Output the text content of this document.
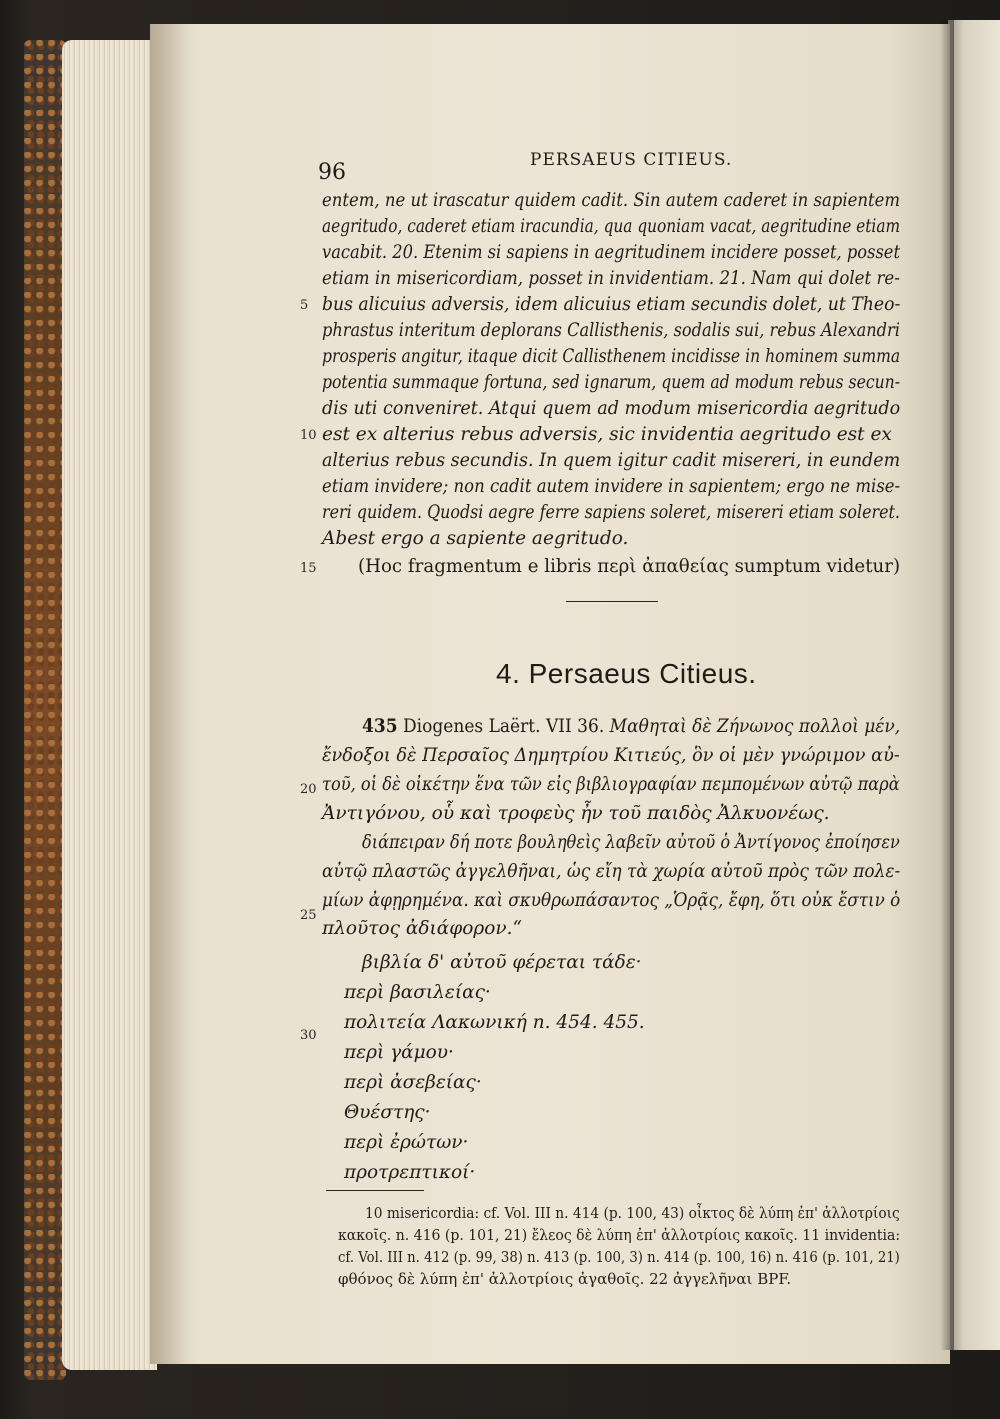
96	PERSAEUS CITIEUS.
entem, ne ut irascatur quidem cadit. Sin autem caderet in sapientem
aegritudo, caderet etiam iracundia, qua quoniam vacat, aegritudine etiam
vacabit. 20. Etenim si sapiens in aegritudinem incidere posset, posset
etiam in misericordiam, posset in invidentiam. 21. Nam qui dolet re-
bus alicuius adversis, idem alicuius etiam secundis dolet, ut Theo-
phrastus interitum deplorans Callisthenis, sodalis sui, rebus Alexandri
prosperis angitur, itaque dicit Callisthenem incidisse in hominem summa
potentia summaque fortuna, sed ignarum, quem ad modum rebus secun-
dis uti conveniret. Atqui quem ad modum misericordia aegritudo
est ex alterius rebus adversis, sic invidentia aegritudo est ex
alterius rebus secundis. In quem igitur cadit misereri, in eundem
etiam invidere; non cadit autem invidere in sapientem; ergo ne mise-
reri quidem. Quodsi aegre ferre sapiens soleret, misereri etiam soleret.
Abest ergo a sapiente aegritudo.
(Hoc fragmentum e libris περὶ ἀπαθείας sumptum videtur)
5
10
15
20
25
30
4. Persaeus Citieus.
435 Diogenes Laërt. VII 36. Μαθηταὶ δὲ Ζήνωνος πολλοὶ μέν,
ἔνδοξοι δὲ Περσαῖος Δημητρίου Κιτιεύς, ὃν οἱ μὲν γνώριμον αὐ-
τοῦ, οἱ δὲ οἰκέτην ἕνα τῶν εἰς βιβλιογραφίαν πεμπομένων αὐτῷ παρὰ
Ἀντιγόνου, οὗ καὶ τροφεὺς ἦν τοῦ παιδὸς Ἀλκυονέως.
διάπειραν δή ποτε βουληθεὶς λαβεῖν αὐτοῦ ὁ Ἀντίγονος ἐποίησεν
αὐτῷ πλαστῶς ἀγγελθῆναι, ὡς εἴη τὰ χωρία αὐτοῦ πρὸς τῶν πολε-
μίων ἀφῃρημένα. καὶ σκυθρωπάσαντος „Ὁρᾷς, ἔφη, ὅτι οὐκ ἔστιν ὁ
πλοῦτος ἀδιάφορον.“
βιβλία δ' αὐτοῦ φέρεται τάδε·
περὶ βασιλείας·
πολιτεία Λακωνική n. 454. 455.
περὶ γάμου·
περὶ ἀσεβείας·
Θυέστης·
περὶ ἐρώτων·
προτρεπτικοί·
10 misericordia: cf. Vol. III n. 414 (p. 100, 43) οἶκτος δὲ λύπη ἐπ' ἀλλοτρίοις
κακοῖς. n. 416 (p. 101, 21) ἔλεος δὲ λύπη ἐπ' ἀλλοτρίοις κακοῖς. 11 invidentia:
cf. Vol. III n. 412 (p. 99, 38) n. 413 (p. 100, 3) n. 414 (p. 100, 16) n. 416 (p. 101, 21)
φθόνος δὲ λύπη ἐπ' ἀλλοτρίοις ἀγαθοῖς. 22 ἀγγελῆναι BPF.
